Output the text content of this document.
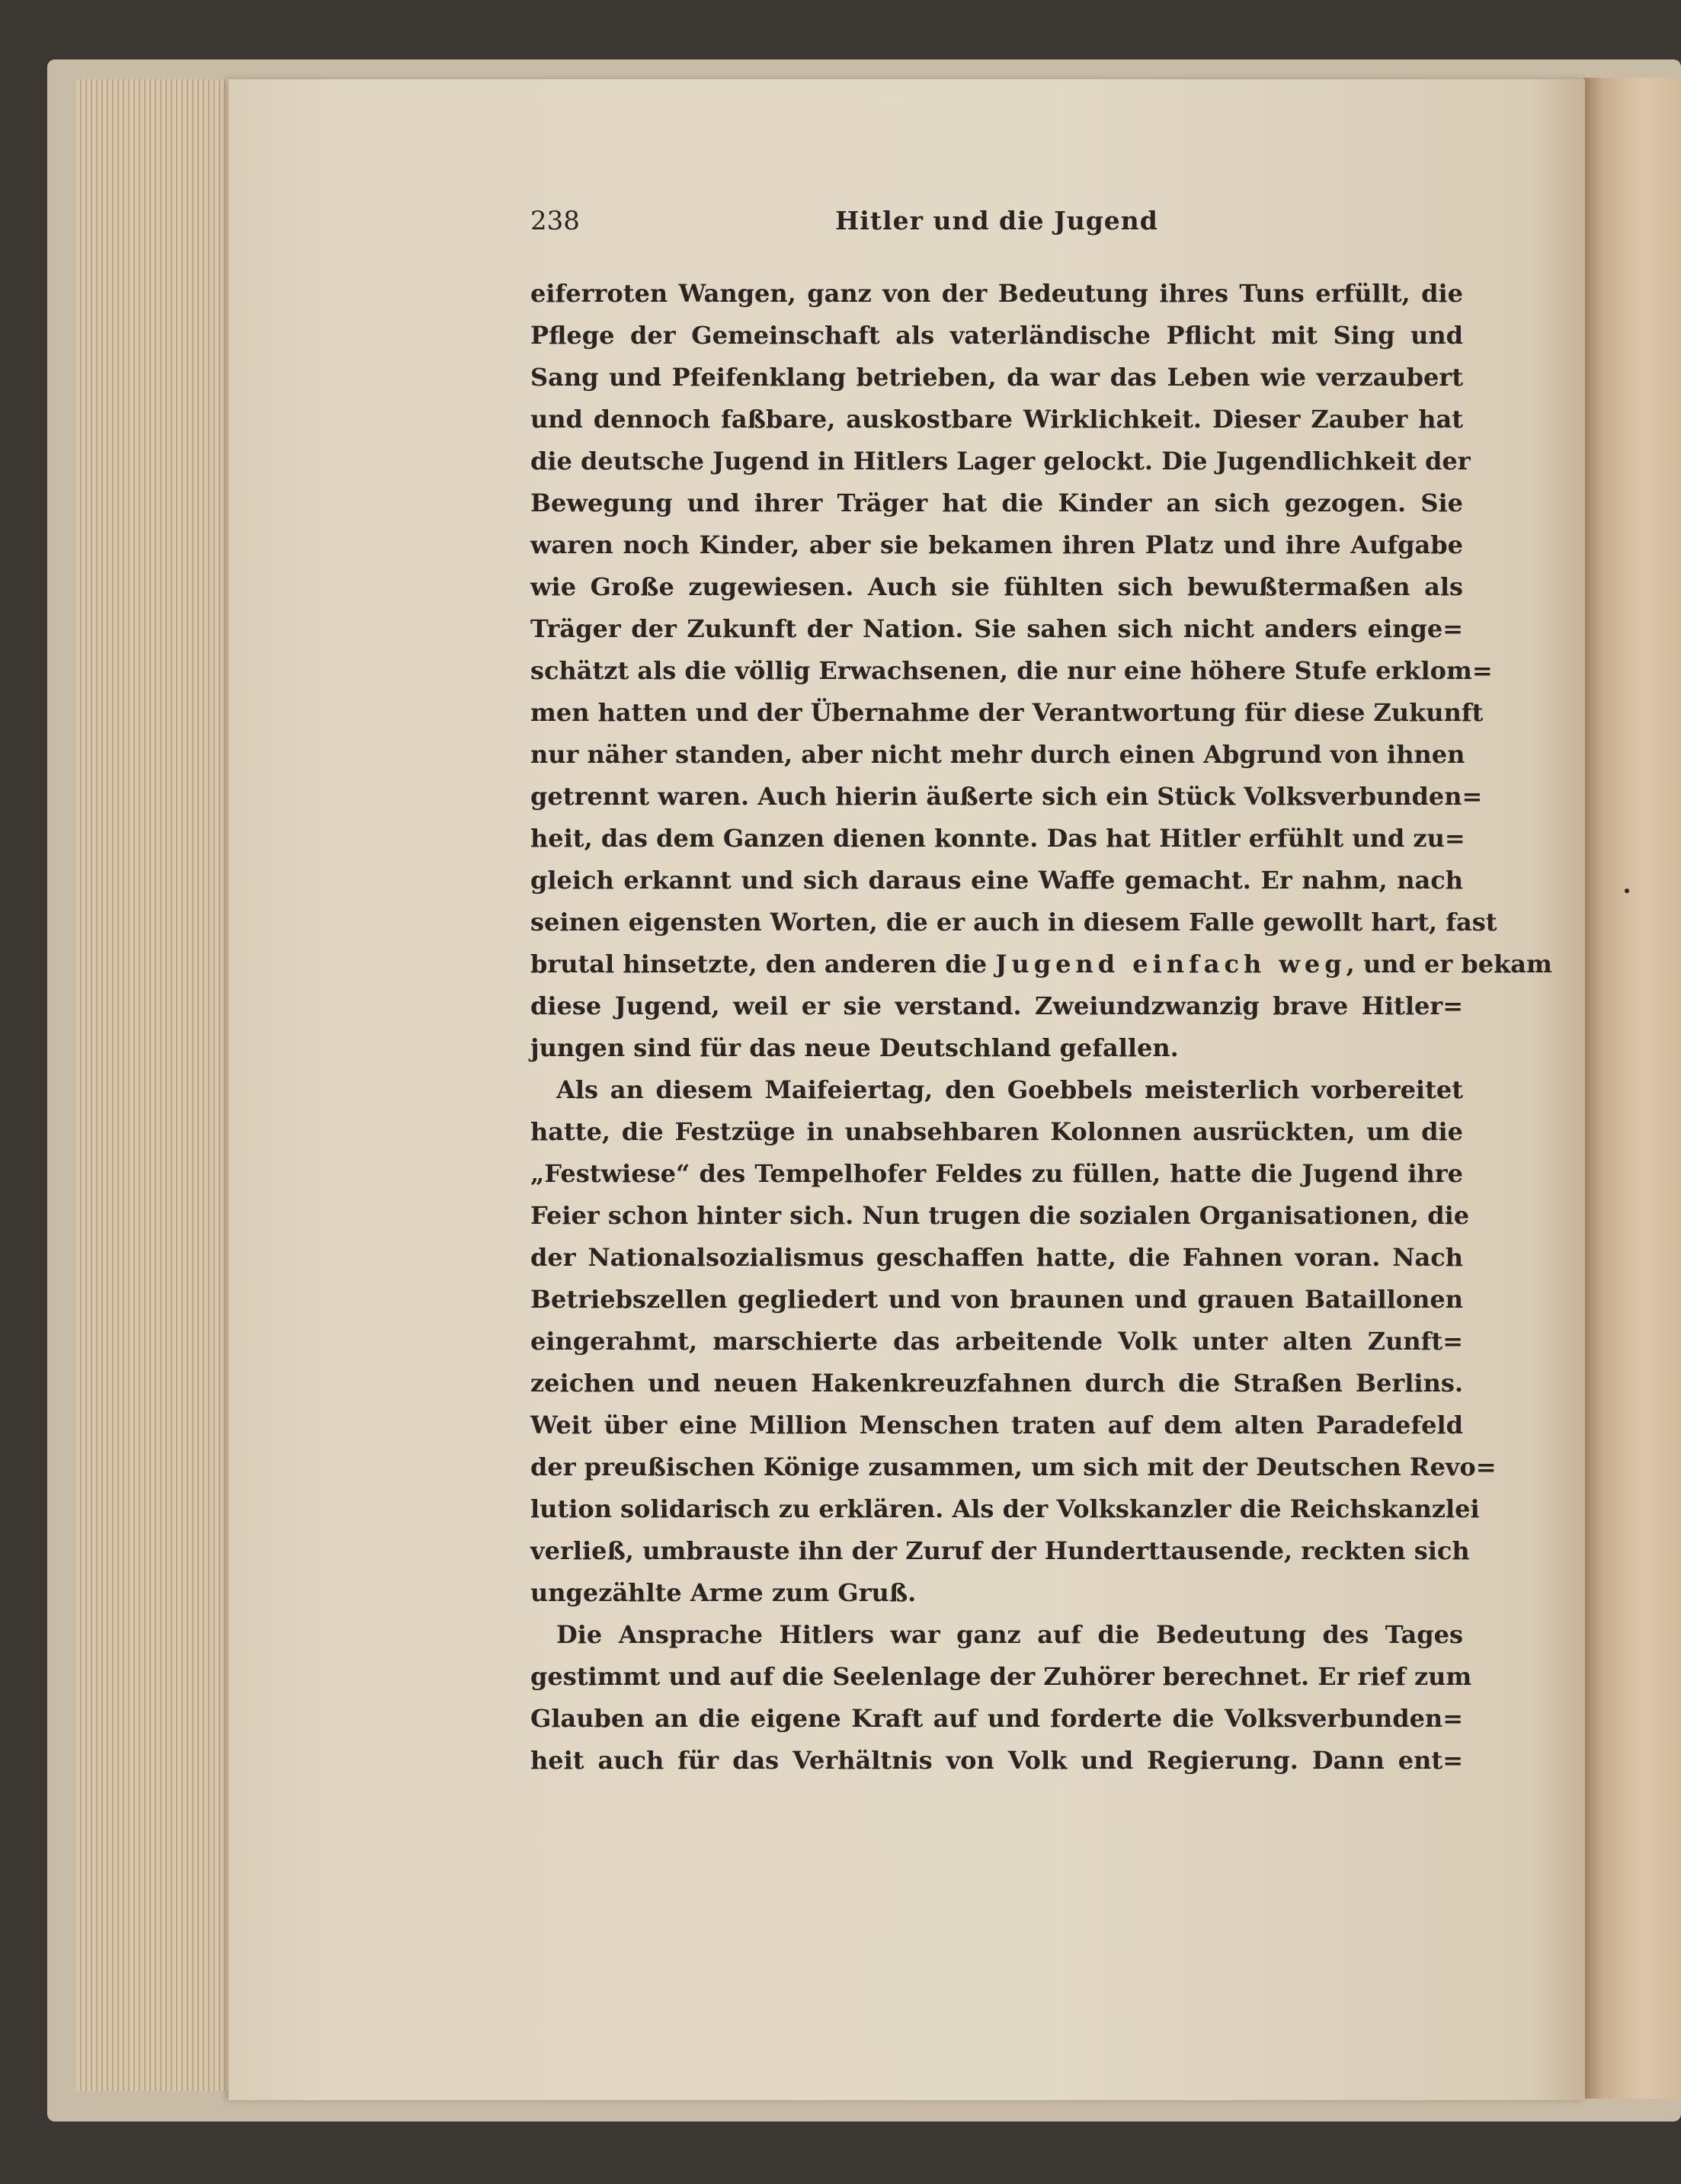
238	Hitler und die Jugend
eiferroten Wangen, ganz von der Bedeutung ihres Tuns erfüllt, die
Pflege der Gemeinschaft als vaterländische Pflicht mit Sing und
Sang und Pfeifenklang betrieben, da war das Leben wie verzaubert
und dennoch faßbare, auskostbare Wirklichkeit. Dieser Zauber hat
die deutsche Jugend in Hitlers Lager gelockt. Die Jugendlichkeit der
Bewegung und ihrer Träger hat die Kinder an sich gezogen. Sie
waren noch Kinder, aber sie bekamen ihren Platz und ihre Aufgabe
wie Große zugewiesen. Auch sie fühlten sich bewußtermaßen als
Träger der Zukunft der Nation. Sie sahen sich nicht anders einge=
schätzt als die völlig Erwachsenen, die nur eine höhere Stufe erklom=
men hatten und der Übernahme der Verantwortung für diese Zukunft
nur näher standen, aber nicht mehr durch einen Abgrund von ihnen
getrennt waren. Auch hierin äußerte sich ein Stück Volksverbunden=
heit, das dem Ganzen dienen konnte. Das hat Hitler erfühlt und zu=
gleich erkannt und sich daraus eine Waffe gemacht. Er nahm, nach
seinen eigensten Worten, die er auch in diesem Falle gewollt hart, fast
brutal hinsetzte, den anderen die Jugend einfach weg, und er bekam
diese Jugend, weil er sie verstand. Zweiundzwanzig brave Hitler=
jungen sind für das neue Deutschland gefallen.
Als an diesem Maifeiertag, den Goebbels meisterlich vorbereitet
hatte, die Festzüge in unabsehbaren Kolonnen ausrückten, um die
„Festwiese“ des Tempelhofer Feldes zu füllen, hatte die Jugend ihre
Feier schon hinter sich. Nun trugen die sozialen Organisationen, die
der Nationalsozialismus geschaffen hatte, die Fahnen voran. Nach
Betriebszellen gegliedert und von braunen und grauen Bataillonen
eingerahmt, marschierte das arbeitende Volk unter alten Zunft=
zeichen und neuen Hakenkreuzfahnen durch die Straßen Berlins.
Weit über eine Million Menschen traten auf dem alten Paradefeld
der preußischen Könige zusammen, um sich mit der Deutschen Revo=
lution solidarisch zu erklären. Als der Volkskanzler die Reichskanzlei
verließ, umbrauste ihn der Zuruf der Hunderttausende, reckten sich
ungezählte Arme zum Gruß.
Die Ansprache Hitlers war ganz auf die Bedeutung des Tages
gestimmt und auf die Seelenlage der Zuhörer berechnet. Er rief zum
Glauben an die eigene Kraft auf und forderte die Volksverbunden=
heit auch für das Verhältnis von Volk und Regierung. Dann ent=
